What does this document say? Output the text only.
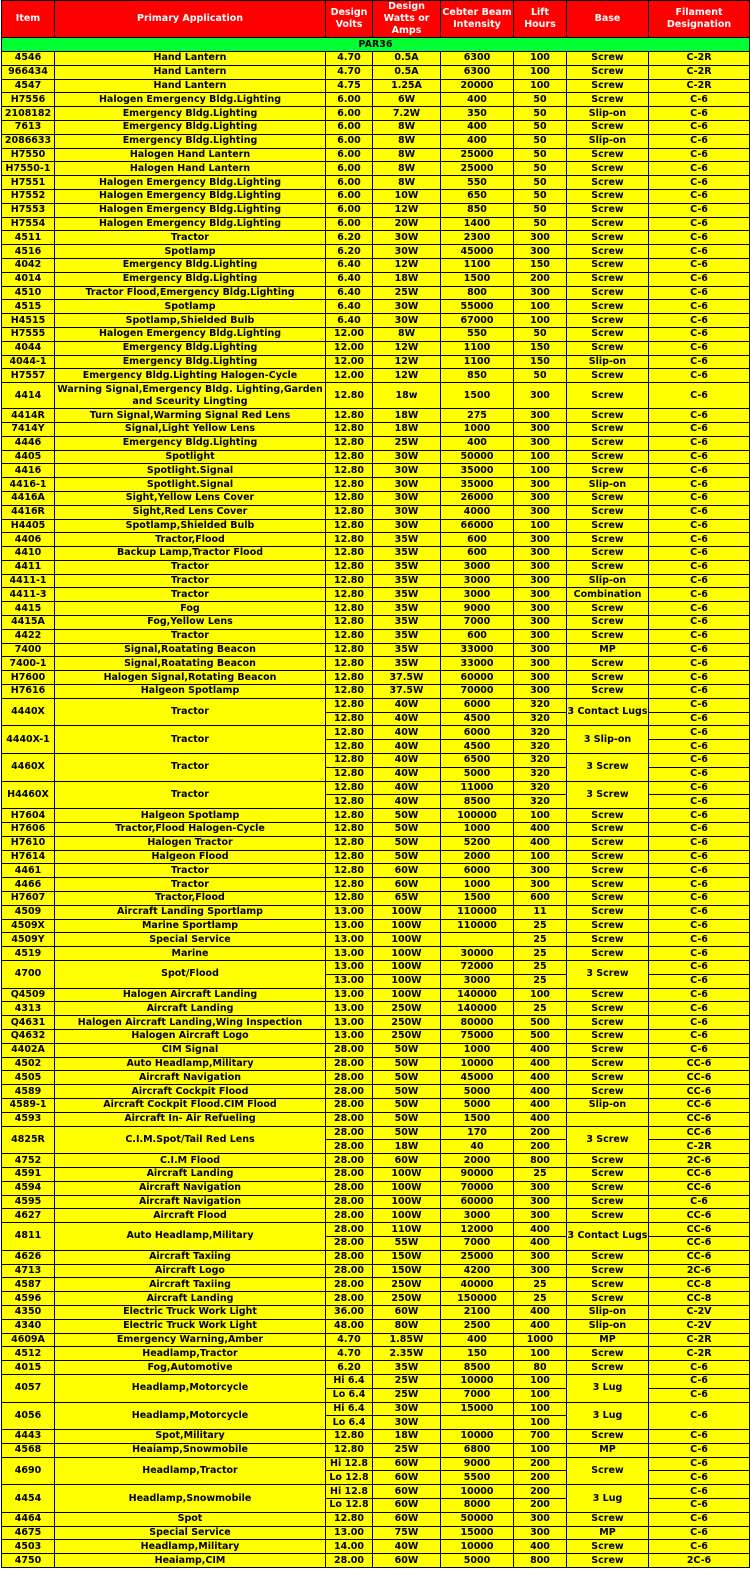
Item	Primary Application	Design Volts	Design Watts or Amps	Cebter Beam Intensity	Lift Hours	Base	Filament Designation
PAR36							
4546	Hand Lantern	4.70	0.5A	6300	100	Screw	C-2R
966434	Hand Lantern	4.70	0.5A	6300	100	Screw	C-2R
4547	Hand Lantern	4.75	1.25A	20000	100	Screw	C-2R
H7556	Halogen Emergency Bldg.Lighting	6.00	6W	400	50	Screw	C-6
2108182	Emergency Bldg.Lighting	6.00	7.2W	350	50	Slip-on	C-6
7613	Emergency Bldg.Lighting	6.00	8W	400	50	Screw	C-6
2086633	Emergency Bldg.Lighting	6.00	8W	400	50	Slip-on	C-6
H7550	Halogen Hand Lantern	6.00	8W	25000	50	Screw	C-6
H7550-1	Halogen Hand Lantern	6.00	8W	25000	50	Screw	C-6
H7551	Halogen Emergency Bldg.Lighting	6.00	8W	550	50	Screw	C-6
H7552	Halogen Emergency Bldg.Lighting	6.00	10W	650	50	Screw	C-6
H7553	Halogen Emergency Bldg.Lighting	6.00	12W	850	50	Screw	C-6
H7554	Halogen Emergency Bldg.Lighting	6.00	20W	1400	50	Screw	C-6
4511	Tractor	6.20	30W	2300	300	Screw	C-6
4516	Spotlamp	6.20	30W	45000	300	Screw	C-6
4042	Emergency Bldg.Lighting	6.40	12W	1100	150	Screw	C-6
4014	Emergency Bldg.Lighting	6.40	18W	1500	200	Screw	C-6
4510	Tractor Flood,Emergency Bldg.Lighting	6.40	25W	800	300	Screw	C-6
4515	Spotlamp	6.40	30W	55000	100	Screw	C-6
H4515	Spotlamp,Shielded Bulb	6.40	30W	67000	100	Screw	C-6
H7555	Halogen Emergency Bldg.Lighting	12.00	8W	550	50	Screw	C-6
4044	Emergency Bldg.Lighting	12.00	12W	1100	150	Screw	C-6
4044-1	Emergency Bldg.Lighting	12.00	12W	1100	150	Slip-on	C-6
H7557	Emergency Bldg.Lighting Halogen-Cycle	12.00	12W	850	50	Screw	C-6
4414	Warning Signal,Emergency Bldg. Lighting,Garden and Sceurity Lingting	12.80	18w	1500	300	Screw	C-6
4414R	Turn Signal,Warming Signal Red Lens	12.80	18W	275	300	Screw	C-6
7414Y	Signal,Light Yellow Lens	12.80	18W	1000	300	Screw	C-6
4446	Emergency Bldg.Lighting	12.80	25W	400	300	Screw	C-6
4405	Spotlight	12.80	30W	50000	100	Screw	C-6
4416	Spotlight.Signal	12.80	30W	35000	100	Screw	C-6
4416-1	Spotlight.Signal	12.80	30W	35000	300	Slip-on	C-6
4416A	Sight,Yellow Lens Cover	12.80	30W	26000	300	Screw	C-6
4416R	Sight,Red Lens Cover	12.80	30W	4000	300	Screw	C-6
H4405	Spotlamp,Shielded Bulb	12.80	30W	66000	100	Screw	C-6
4406	Tractor,Flood	12.80	35W	600	300	Screw	C-6
4410	Backup Lamp,Tractor Flood	12.80	35W	600	300	Screw	C-6
4411	Tractor	12.80	35W	3000	300	Screw	C-6
4411-1	Tractor	12.80	35W	3000	300	Slip-on	C-6
4411-3	Tractor	12.80	35W	3000	300	Combination	C-6
4415	Fog	12.80	35W	9000	300	Screw	C-6
4415A	Fog,Yellow Lens	12.80	35W	7000	300	Screw	C-6
4422	Tractor	12.80	35W	600	300	Screw	C-6
7400	Signal,Roatating Beacon	12.80	35W	33000	300	MP	C-6
7400-1	Signal,Roatating Beacon	12.80	35W	33000	300	Screw	C-6
H7600	Halogen Signal,Rotating Beacon	12.80	37.5W	60000	300	Screw	C-6
H7616	Halgeon Spotlamp	12.80	37.5W	70000	300	Screw	C-6
4440X	Tractor	12.80	40W	6000	320	3 Contact Lugs	C-6
		12.80	40W	4500	320		C-6
4440X-1	Tractor	12.80	40W	6000	320	3 Slip-on	C-6
		12.80	40W	4500	320		C-6
4460X	Tractor	12.80	40W	6500	320	3 Screw	C-6
		12.80	40W	5000	320		C-6
H4460X	Tractor	12.80	40W	11000	320	3 Screw	C-6
		12.80	40W	8500	320		C-6
H7604	Halgeon Spotlamp	12.80	50W	100000	100	Screw	C-6
H7606	Tractor,Flood Halogen-Cycle	12.80	50W	1000	400	Screw	C-6
H7610	Halogen Tractor	12.80	50W	5200	400	Screw	C-6
H7614	Halgeon Flood	12.80	50W	2000	100	Screw	C-6
4461	Tractor	12.80	60W	6000	300	Screw	C-6
4466	Tractor	12.80	60W	1000	300	Screw	C-6
H7607	Tractor,Flood	12.80	65W	1500	600	Screw	C-6
4509	Aircraft Landing Sportlamp	13.00	100W	110000	11	Screw	C-6
4509X	Marine Sportlamp	13.00	100W	110000	25	Screw	C-6
4509Y	Special Service	13.00	100W		25	Screw	C-6
4519	Marine	13.00	100W	30000	25	Screw	C-6
4700	Spot/Flood	13.00	100W	72000	25	3 Screw	C-6
		13.00	100W	3000	25		C-6
Q4509	Halogen Aircraft Landing	13.00	100W	140000	100	Screw	C-6
4313	Aircraft Landing	13.00	250W	140000	25	Screw	C-6
Q4631	Halogen Aircraft Landing,Wing Inspection	13.00	250W	80000	500	Screw	C-6
Q4632	Halogen Aircraft Logo	13.00	250W	75000	500	Screw	C-6
4402A	CIM Signal	28.00	50W	1000	400	Screw	C-6
4502	Auto Headlamp,Military	28.00	50W	10000	400	Screw	CC-6
4505	Aircraft Navigation	28.00	50W	45000	400	Screw	CC-6
4589	Aircraft Cockpit Flood	28.00	50W	5000	400	Screw	CC-6
4589-1	Aircraft Cockpit Flood.CIM Flood	28.00	50W	5000	400	Slip-on	CC-6
4593	Aircraft In- Air Refueling	28.00	50W	1500	400		CC-6
4825R	C.I.M.Spot/Tail Red Lens	28.00	50W	170	200	3 Screw	CC-6
		28.00	18W	40	200		C-2R
4752	C.I.M Flood	28.00	60W	2000	800	Screw	2C-6
4591	Aircraft Landing	28.00	100W	90000	25	Screw	CC-6
4594	Aircraft Navigation	28.00	100W	70000	300	Screw	CC-6
4595	Aircraft Navigation	28.00	100W	60000	300	Screw	C-6
4627	Aircraft Flood	28.00	100W	3000	300	Screw	CC-6
4811	Auto Headlamp,Military	28.00	110W	12000	400	3 Contact Lugs	CC-6
		28.00	55W	7000	400		CC-6
4626	Aircraft Taxiing	28.00	150W	25000	300	Screw	CC-6
4713	Aircraft Logo	28.00	150W	4200	300	Screw	2C-6
4587	Aircraft Taxiing	28.00	250W	40000	25	Screw	CC-8
4596	Aircraft Landing	28.00	250W	150000	25	Screw	CC-8
4350	Electric Truck Work Light	36.00	60W	2100	400	Slip-on	C-2V
4340	Electric Truck Work Light	48.00	80W	2500	400	Slip-on	C-2V
4609A	Emergency Warning,Amber	4.70	1.85W	400	1000	MP	C-2R
4512	Headlamp,Tractor	4.70	2.35W	150	100	Screw	C-2R
4015	Fog,Automotive	6.20	35W	8500	80	Screw	C-6
4057	Headlamp,Motorcycle	Hi 6.4	25W	10000	100	3 Lug	C-6
		Lo 6.4	25W	7000	100		C-6
4056	Headlamp,Motorcycle	Hi 6.4	30W	15000	100	3 Lug	C-6
		Lo 6.4	30W		100		
4443	Spot,Military	12.80	18W	10000	700	Screw	C-6
4568	Heaiamp,Snowmobile	12.80	25W	6800	100	MP	C-6
4690	Headlamp,Tractor	Hi 12.8	60W	9000	200	Screw	C-6
		Lo 12.8	60W	5500	200		C-6
4454	Headlamp,Snowmobile	Hi 12.8	60W	10000	200	3 Lug	C-6
		Lo 12.8	60W	8000	200		C-6
4464	Spot	12.80	60W	50000	300	Screw	C-6
4675	Special Service	13.00	75W	15000	300	MP	C-6
4503	Headlamp,Military	14.00	40W	10000	400	Screw	C-6
4750	Heaiamp,CIM	28.00	60W	5000	800	Screw	2C-6
